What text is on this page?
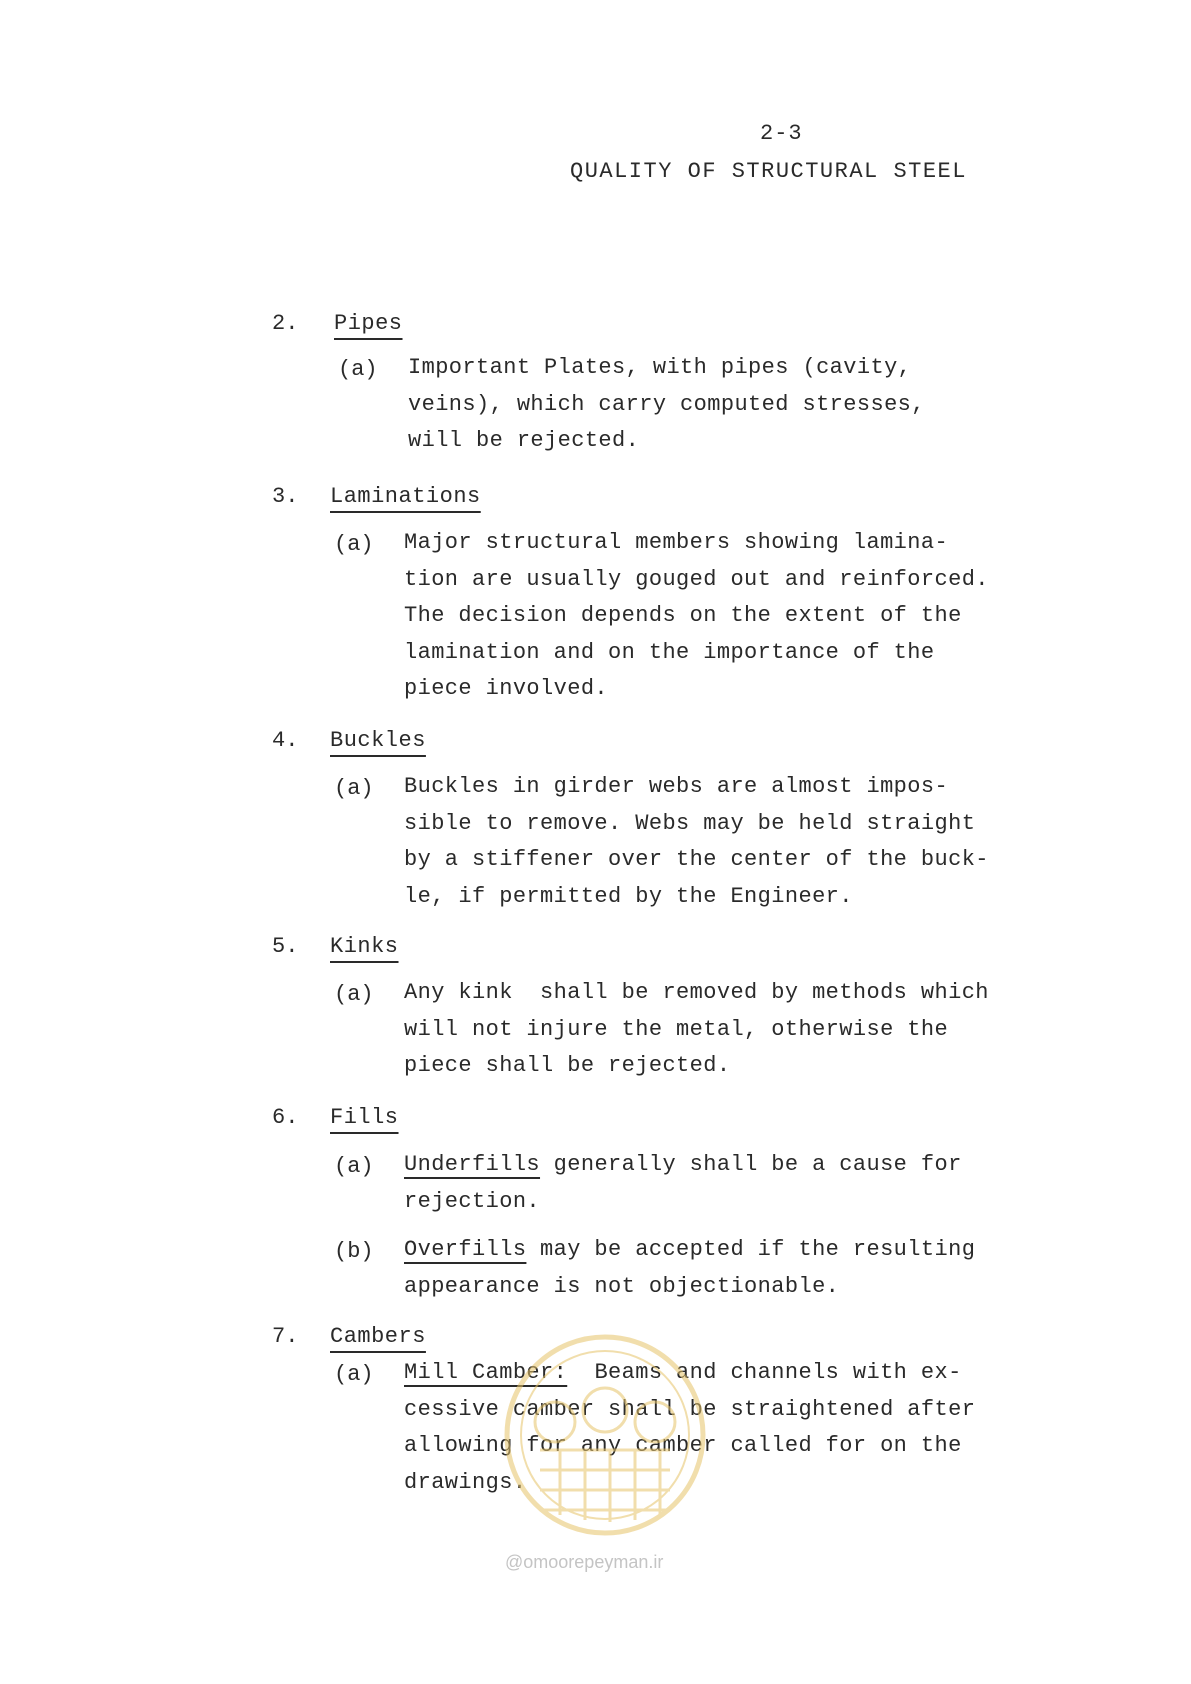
2-3
QUALITY OF STRUCTURAL STEEL
2. Pipes
(a) Important Plates, with pipes (cavity,
veins), which carry computed stresses,
will be rejected.
3. Laminations
(a) Major structural members showing lamina-
tion are usually gouged out and reinforced.
The decision depends on the extent of the
lamination and on the importance of the
piece involved.
4. Buckles
(a) Buckles in girder webs are almost impos-
sible to remove. Webs may be held straight
by a stiffener over the center of the buck-
le, if permitted by the Engineer.
5. Kinks
(a) Any kink  shall be removed by methods which
will not injure the metal, otherwise the
piece shall be rejected.
6. Fills
(a) Underfills generally shall be a cause for
rejection.
(b) Overfills may be accepted if the resulting
appearance is not objectionable.
7. Cambers
(a) Mill Camber:  Beams and channels with ex-
cessive camber shall be straightened after
allowing for any camber called for on the
drawings.
@omoorepeyman.ir
